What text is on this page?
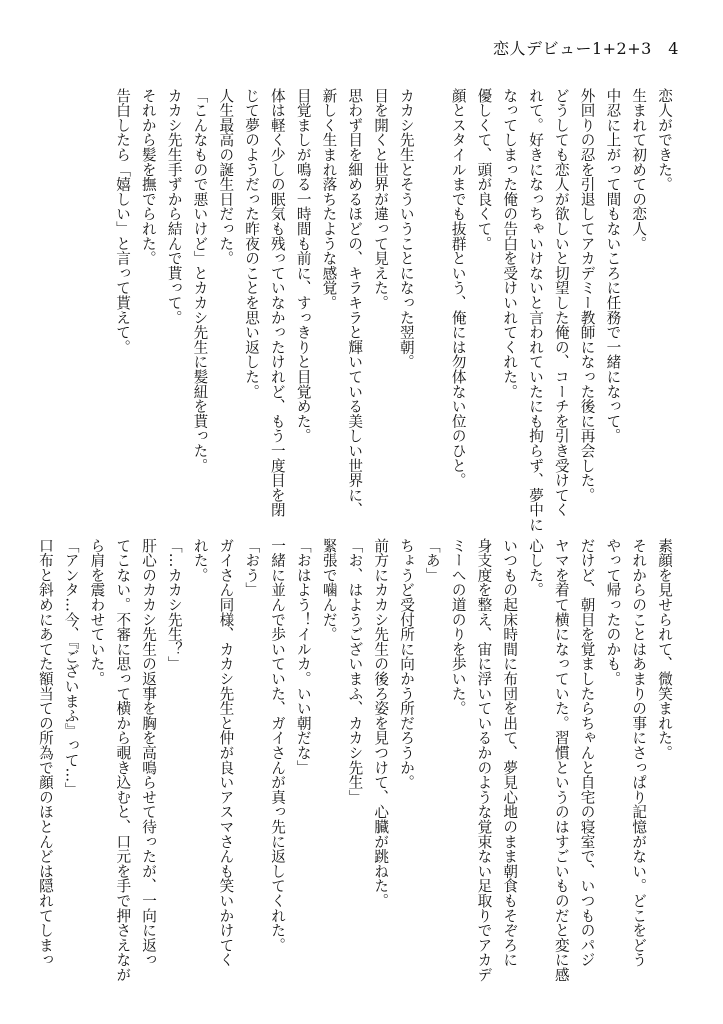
恋人デビュー1+2+3　4
恋人ができた。
生まれて初めての恋人。
中忍に上がって間もないころに任務で一緒になって。
外回りの忍を引退してアカデミー教師になった後に再会した。
どうしても恋人が欲しいと切望した俺の、コーチを引き受けてく
れて。好きになっちゃいけないと言われていたにも拘らず、夢中に
なってしまった俺の告白を受けいれてくれた。
優しくて、頭が良くて。
顔とスタイルまでも抜群という、俺には勿体ない位のひと。
カカシ先生とそういうことになった翌朝。
目を開くと世界が違って見えた。
思わず目を細めるほどの、キラキラと輝いている美しい世界に、
新しく生まれ落ちたような感覚。
目覚ましが鳴る一時間も前に、すっきりと目覚めた。
体は軽く少しの眠気も残っていなかったけれど、もう一度目を閉
じて夢のようだった昨夜のことを思い返した。
人生最高の誕生日だった。
「こんなもので悪いけど」とカカシ先生に髪紐を貰った。
カカシ先生手ずから結んで貰って。
それから髪を撫でられた。
告白したら「嬉しい」と言って貰えて。
素顔を見せられて、微笑まれた。
それからのことはあまりの事にさっぱり記憶がない。どこをどう
やって帰ったのかも。
だけど、朝目を覚ましたらちゃんと自宅の寝室で、いつものパジ
ヤマを着て横になっていた。習慣というのはすごいものだと変に感
心した。
いつもの起床時間に布団を出て、夢見心地のまま朝食もそぞろに
身支度を整え、宙に浮いているかのような覚束ない足取りでアカデ
ミーへの道のりを歩いた。
「あ」
ちょうど受付所に向かう所だろうか。
前方にカカシ先生の後ろ姿を見つけて、心臓が跳ねた。
「お、はようございまふ、カカシ先生」
緊張で噛んだ。
「おはよう！イルカ。いい朝だな」
一緒に並んで歩いていた、ガイさんが真っ先に返してくれた。
「おう」
ガイさん同様、カカシ先生と仲が良いアスマさんも笑いかけてく
れた。
「…カカシ先生？」
肝心のカカシ先生の返事を胸を高鳴らせて待ったが、一向に返っ
てこない。不審に思って横から覗き込むと、口元を手で押さえなが
ら肩を震わせていた。
「アンタ…今、『ございまふ』って…」
口布と斜めにあてた額当ての所為で顔のほとんどは隠れてしまっ
